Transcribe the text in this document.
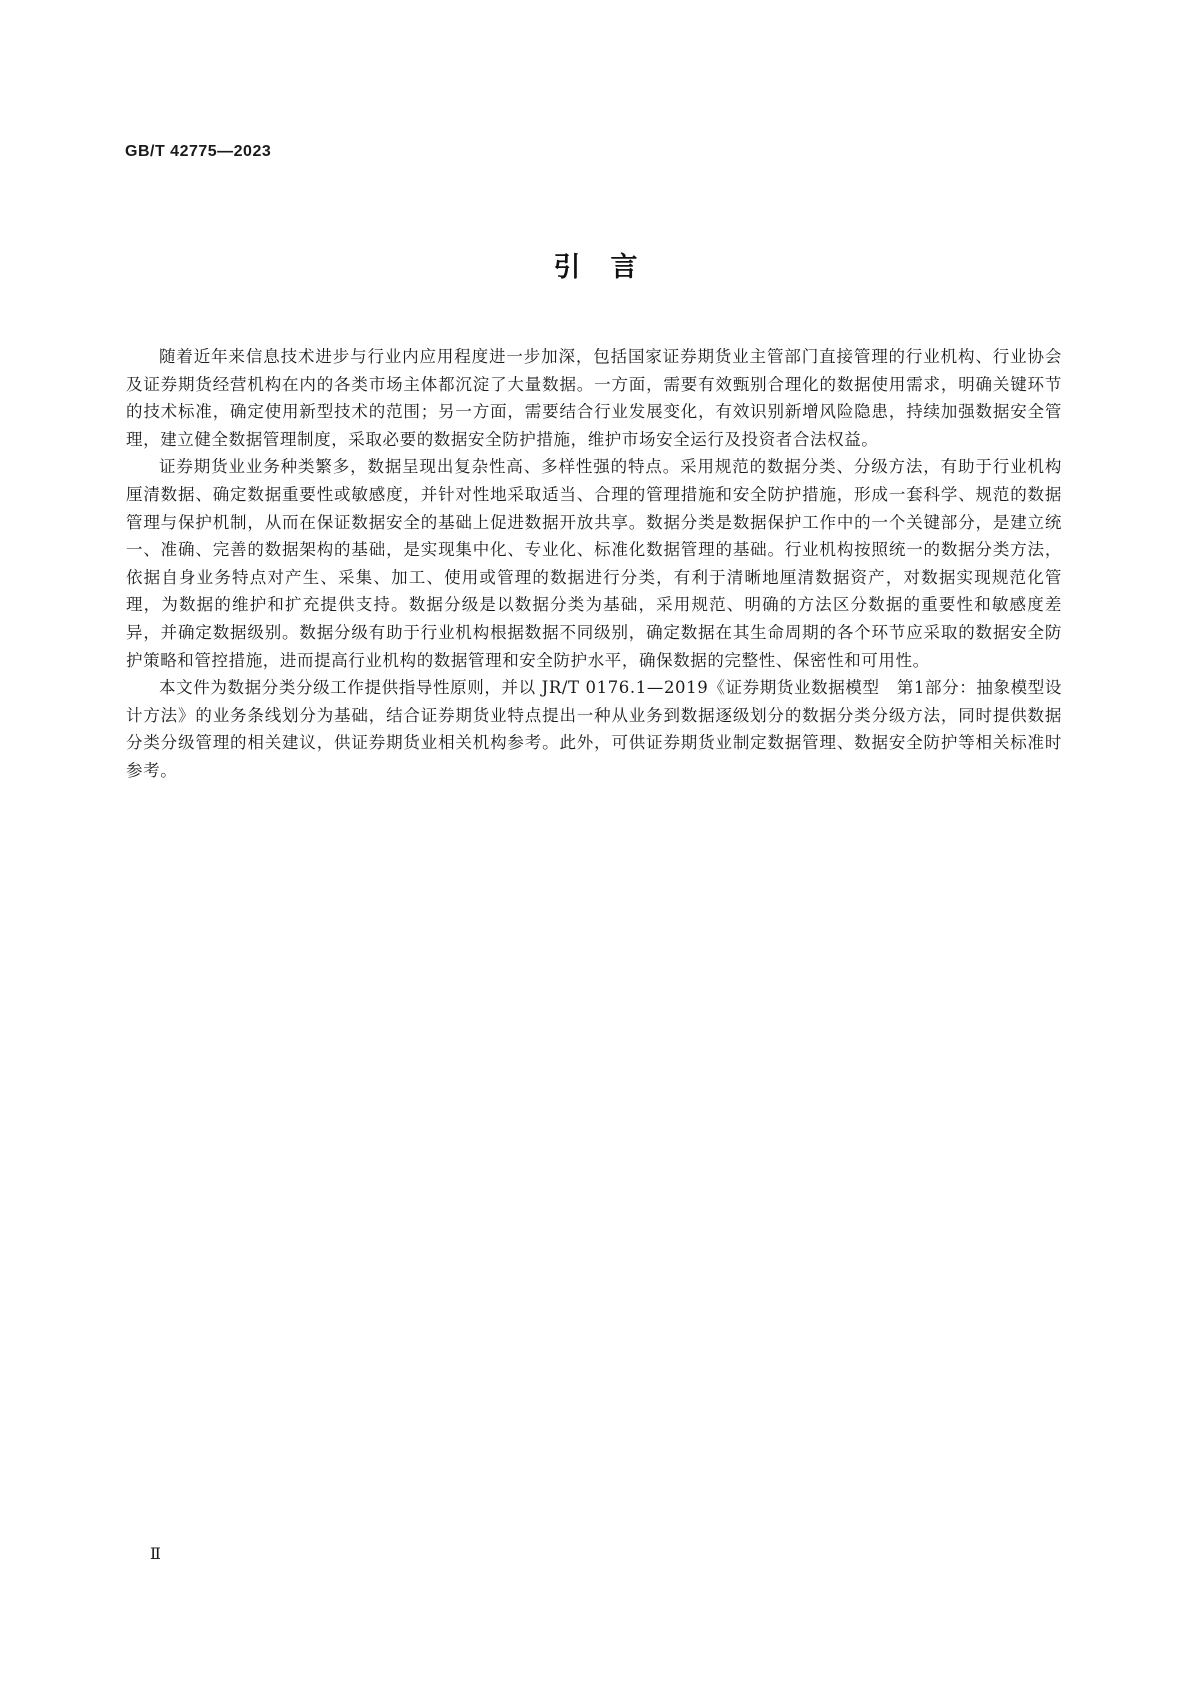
GB/T 42775—2023
引言

随着近年来信息技术进步与行业内应用程度进一步加深，包括国家证券期货业主管部门直接管理的行业机构、行业协会及证券期货经营机构在内的各类市场主体都沉淀了大量数据。一方面，需要有效甄别合理化的数据使用需求，明确关键环节的技术标准，确定使用新型技术的范围；另一方面，需要结合行业发展变化，有效识别新增风险隐患，持续加强数据安全管理，建立健全数据管理制度，采取必要的数据安全防护措施，维护市场安全运行及投资者合法权益。

证券期货业业务种类繁多，数据呈现出复杂性高、多样性强的特点。采用规范的数据分类、分级方法，有助于行业机构厘清数据、确定数据重要性或敏感度，并针对性地采取适当、合理的管理措施和安全防护措施，形成一套科学、规范的数据管理与保护机制，从而在保证数据安全的基础上促进数据开放共享。数据分类是数据保护工作中的一个关键部分，是建立统一、准确、完善的数据架构的基础，是实现集中化、专业化、标准化数据管理的基础。行业机构按照统一的数据分类方法，依据自身业务特点对产生、采集、加工、使用或管理的数据进行分类，有利于清晰地厘清数据资产，对数据实现规范化管理，为数据的维护和扩充提供支持。数据分级是以数据分类为基础，采用规范、明确的方法区分数据的重要性和敏感度差异，并确定数据级别。数据分级有助于行业机构根据数据不同级别，确定数据在其生命周期的各个环节应采取的数据安全防护策略和管控措施，进而提高行业机构的数据管理和安全防护水平，确保数据的完整性、保密性和可用性。

本文件为数据分类分级工作提供指导性原则，并以 JR/T 0176.1—2019《证券期货业数据模型　第1部分：抽象模型设计方法》的业务条线划分为基础，结合证券期货业特点提出一种从业务到数据逐级划分的数据分类分级方法，同时提供数据分类分级管理的相关建议，供证券期货业相关机构参考。此外，可供证券期货业制定数据管理、数据安全防护等相关标准时参考。

Ⅱ
